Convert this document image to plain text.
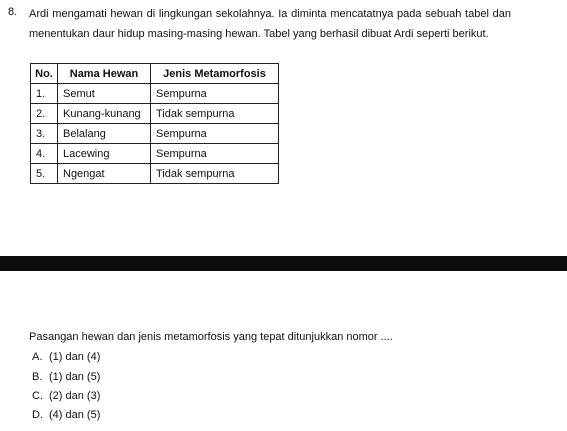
8. Ardi mengamati hewan di lingkungan sekolahnya. Ia diminta mencatatnya pada sebuah tabel dan menentukan daur hidup masing-masing hewan. Tabel yang berhasil dibuat Ardi seperti berikut.
No.	Nama Hewan	Jenis Metamorfosis
1.	Semut	Sempurna
2.	Kunang-kunang	Tidak sempurna
3.	Belalang	Sempurna
4.	Lacewing	Sempurna
5.	Ngengat	Tidak sempurna
Pasangan hewan dan jenis metamorfosis yang tepat ditunjukkan nomor ....
A. (1) dan (4)
B. (1) dan (5)
C. (2) dan (3)
D. (4) dan (5)
